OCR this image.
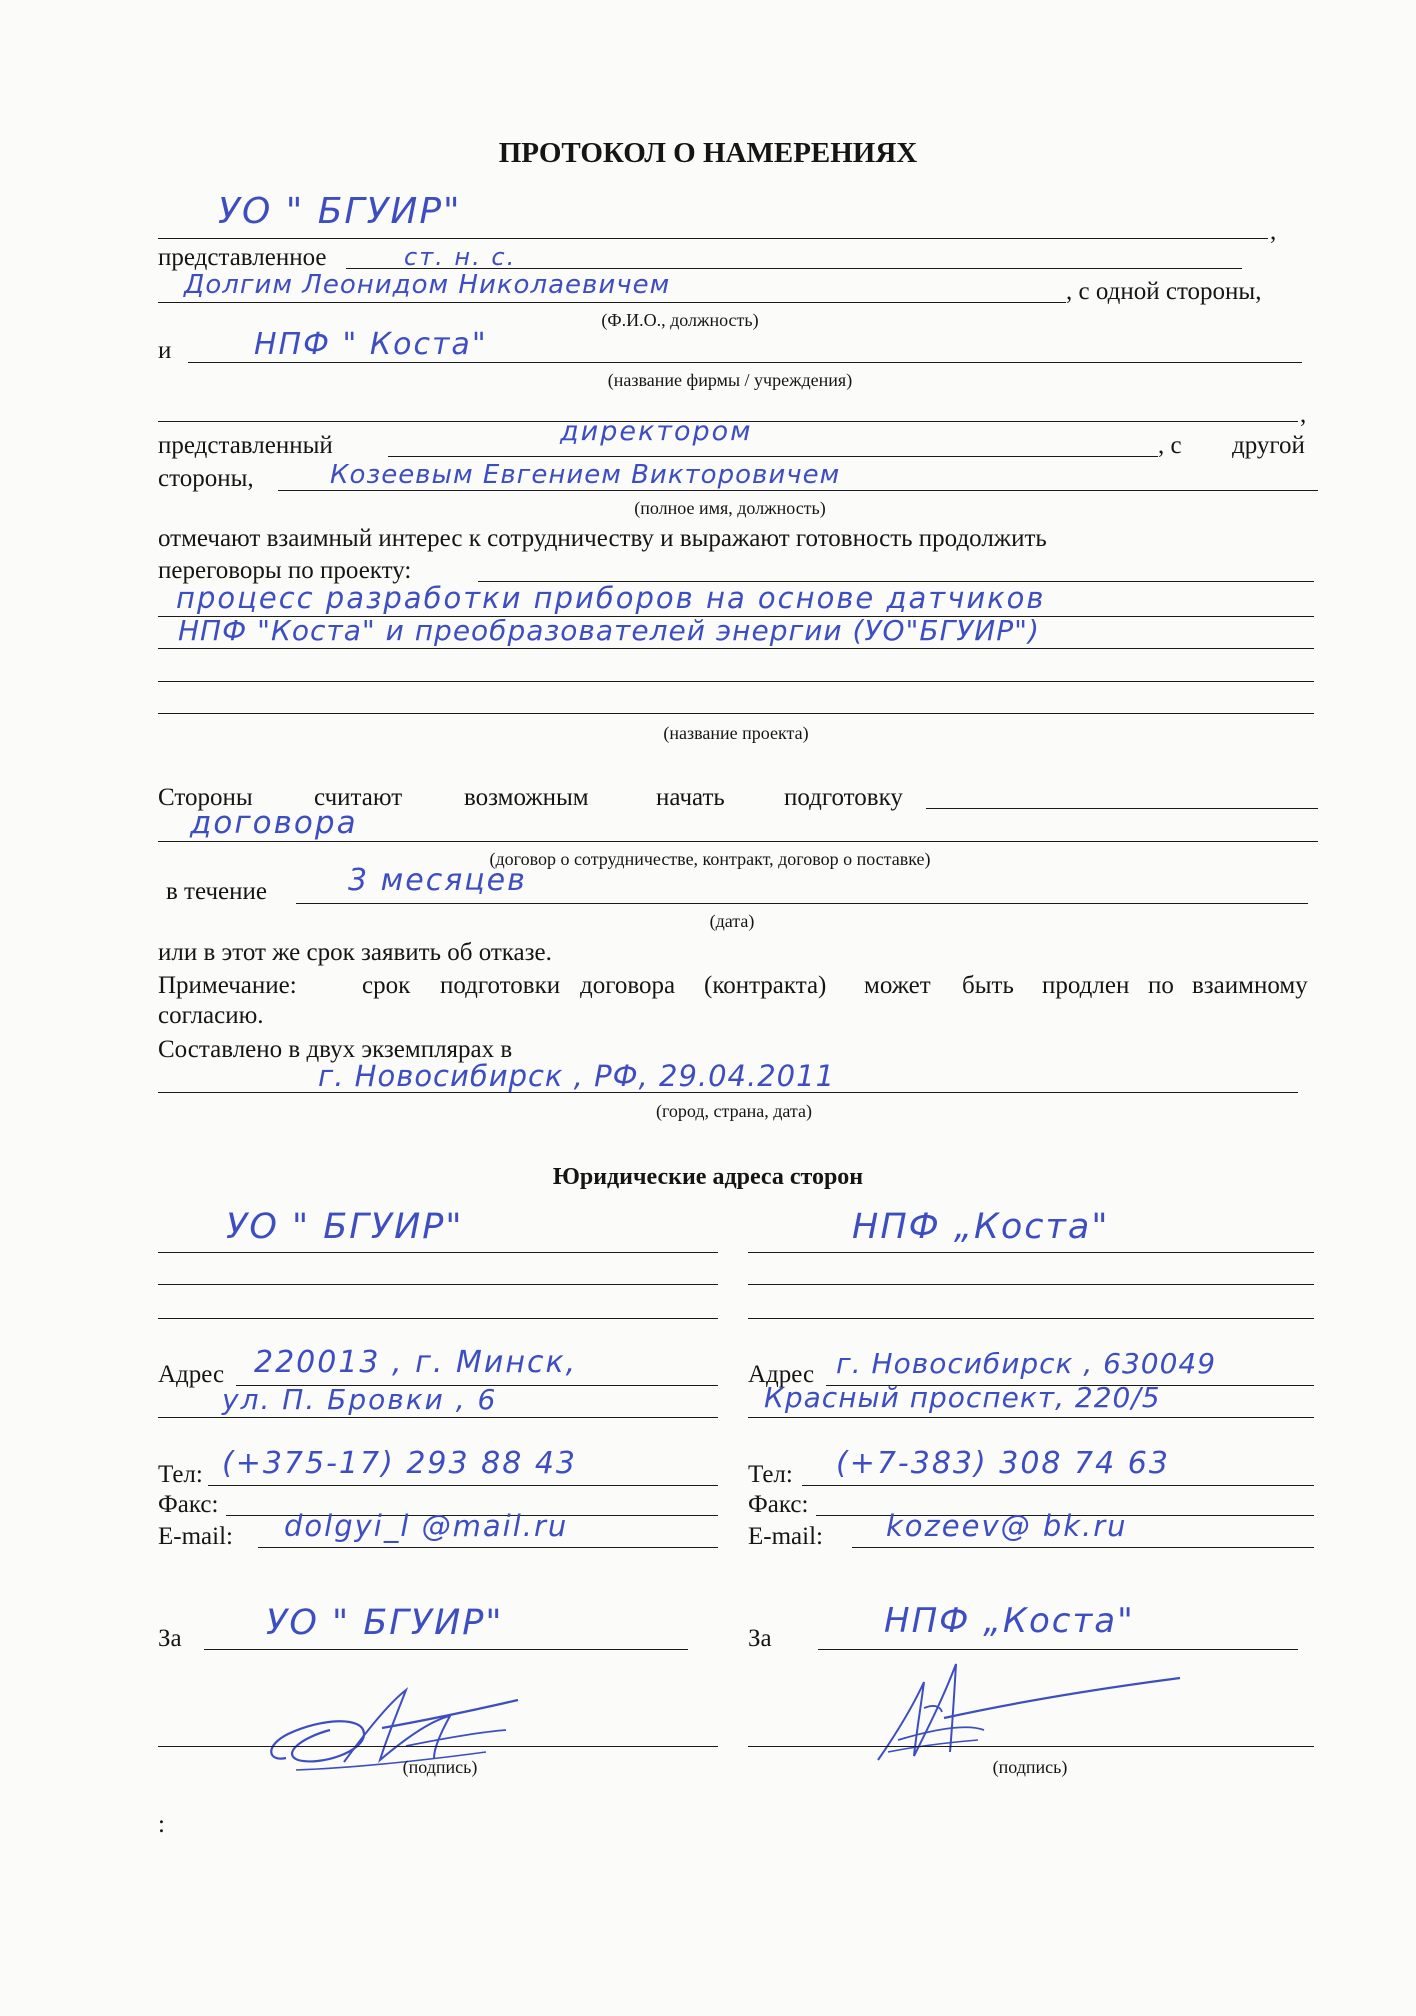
ПРОТОКОЛ О НАМЕРЕНИЯХ
УО " БГУИР"	,
представленное	ст. н. с.
Долгим Леонидом Николаевичем	, с одной стороны,
(Ф.И.О., должность)
и	НПФ " Коста"
(название фирмы / учреждения)
,
представленный	директором	, с другой
стороны,	Козеевым Евгением Викторовичем
(полное имя, должность)
отмечают взаимный интерес к сотрудничеству и выражают готовность продолжить
переговоры по проекту:
процесс разработки приборов на основе датчиков
НПФ "Коста" и преобразователей энергии (УО"БГУИР")
(название проекта)
Стороны считают возможным	начать подготовку
договора
(договор о сотрудничестве, контракт, договор о поставке)
в течение	3 месяцев
(дата)
или в этот же срок заявить об отказе.
Примечание:	срок подготовки договора (контракта) может быть продлен по взаимному
согласию.
Составлено в двух экземплярах в
г. Новосибирск , РФ, 29.04.2011
(город, страна, дата)
Юридические адреса сторон
УО " БГУИР"
Адрес 220013 , г. Минск,
ул. П. Бровки , 6
Тел: (+375-17) 293 88 43
Факс:
E-mail: dolgyi_l @mail.ru
За УО " БГУИР"
(подпись)
НПФ „Коста"
Адрес г. Новосибирск , 630049
Красный проспект, 220/5
Тел: (+7-383) 308 74 63
Факс:
E-mail: kozeev@ bk.ru
За	НПФ „Коста"
(подпись)
:
